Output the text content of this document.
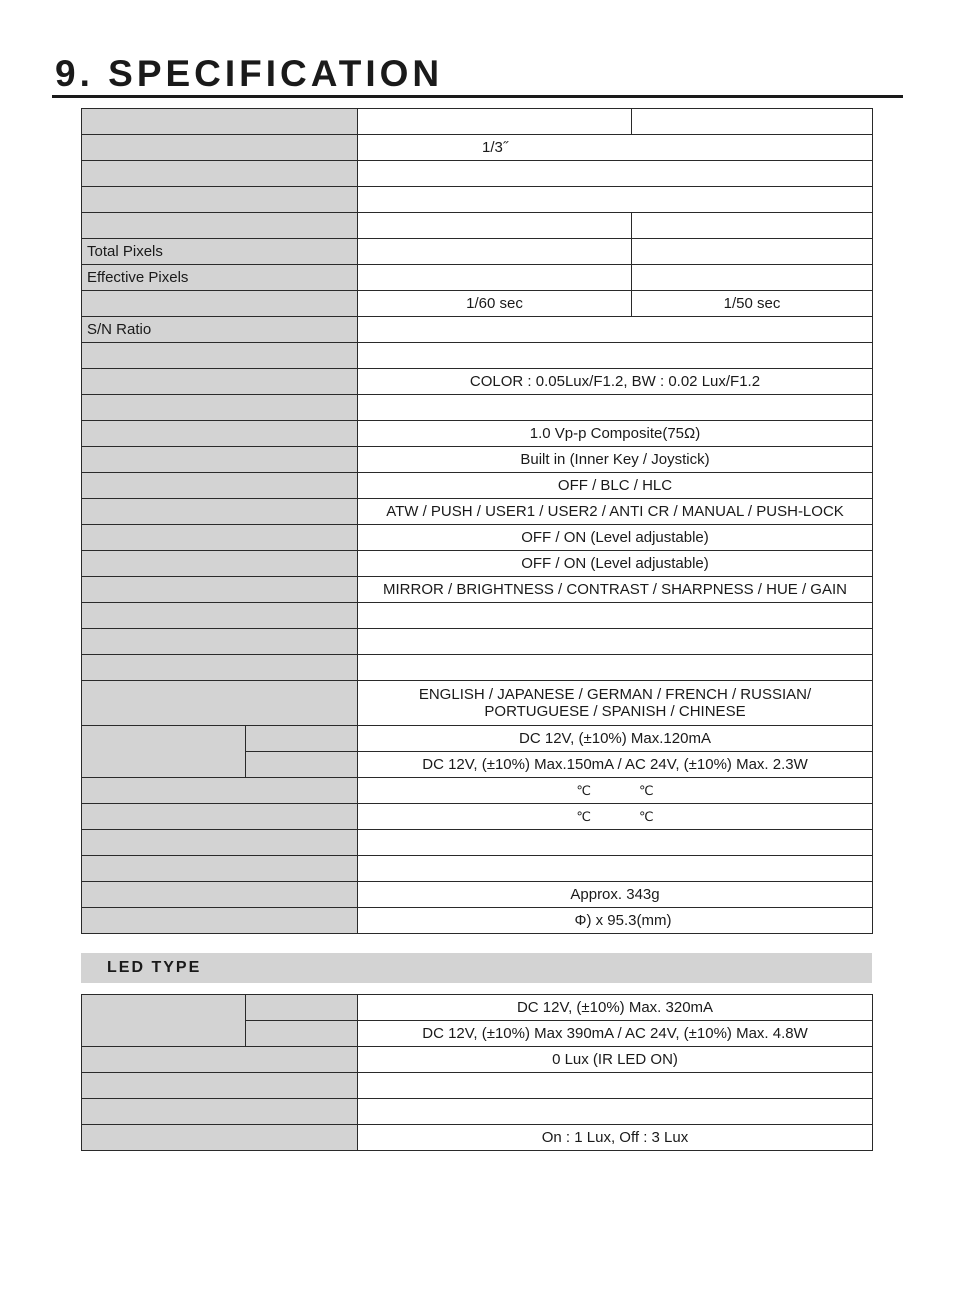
9. SPECIFICATION

		1/3˝	

Total Pixels			
Effective Pixels			
		1/60 sec	1/50 sec
S/N Ratio			

		COLOR : 0.05Lux/F1.2, BW : 0.02 Lux/F1.2	

		1.0 Vp-p Composite(75Ω)	
		Built in (Inner Key / Joystick)	
		OFF / BLC / HLC	
		ATW / PUSH / USER1 / USER2 / ANTI CR / MANUAL / PUSH-LOCK	
		OFF / ON (Level adjustable)	
		OFF / ON (Level adjustable)	
		MIRROR / BRIGHTNESS / CONTRAST / SHARPNESS / HUE / GAIN	

		ENGLISH / JAPANESE / GERMAN / FRENCH / RUSSIAN/
PORTUGUESE / SPANISH / CHINESE	

		DC 12V, (±10%) Max.120mA	
		DC 12V, (±10%) Max.150mA / AC 24V, (±10%) Max. 2.3W	
		℃ ℃	
		℃ ℃	

		Approx. 343g	
		Φ) x 95.3(mm)	
LED TYPE
		DC 12V, (±10%) Max. 320mA
		DC 12V, (±10%) Max 390mA / AC 24V, (±10%) Max. 4.8W
		0 Lux (IR LED ON)

		On : 1 Lux, Off : 3 Lux
